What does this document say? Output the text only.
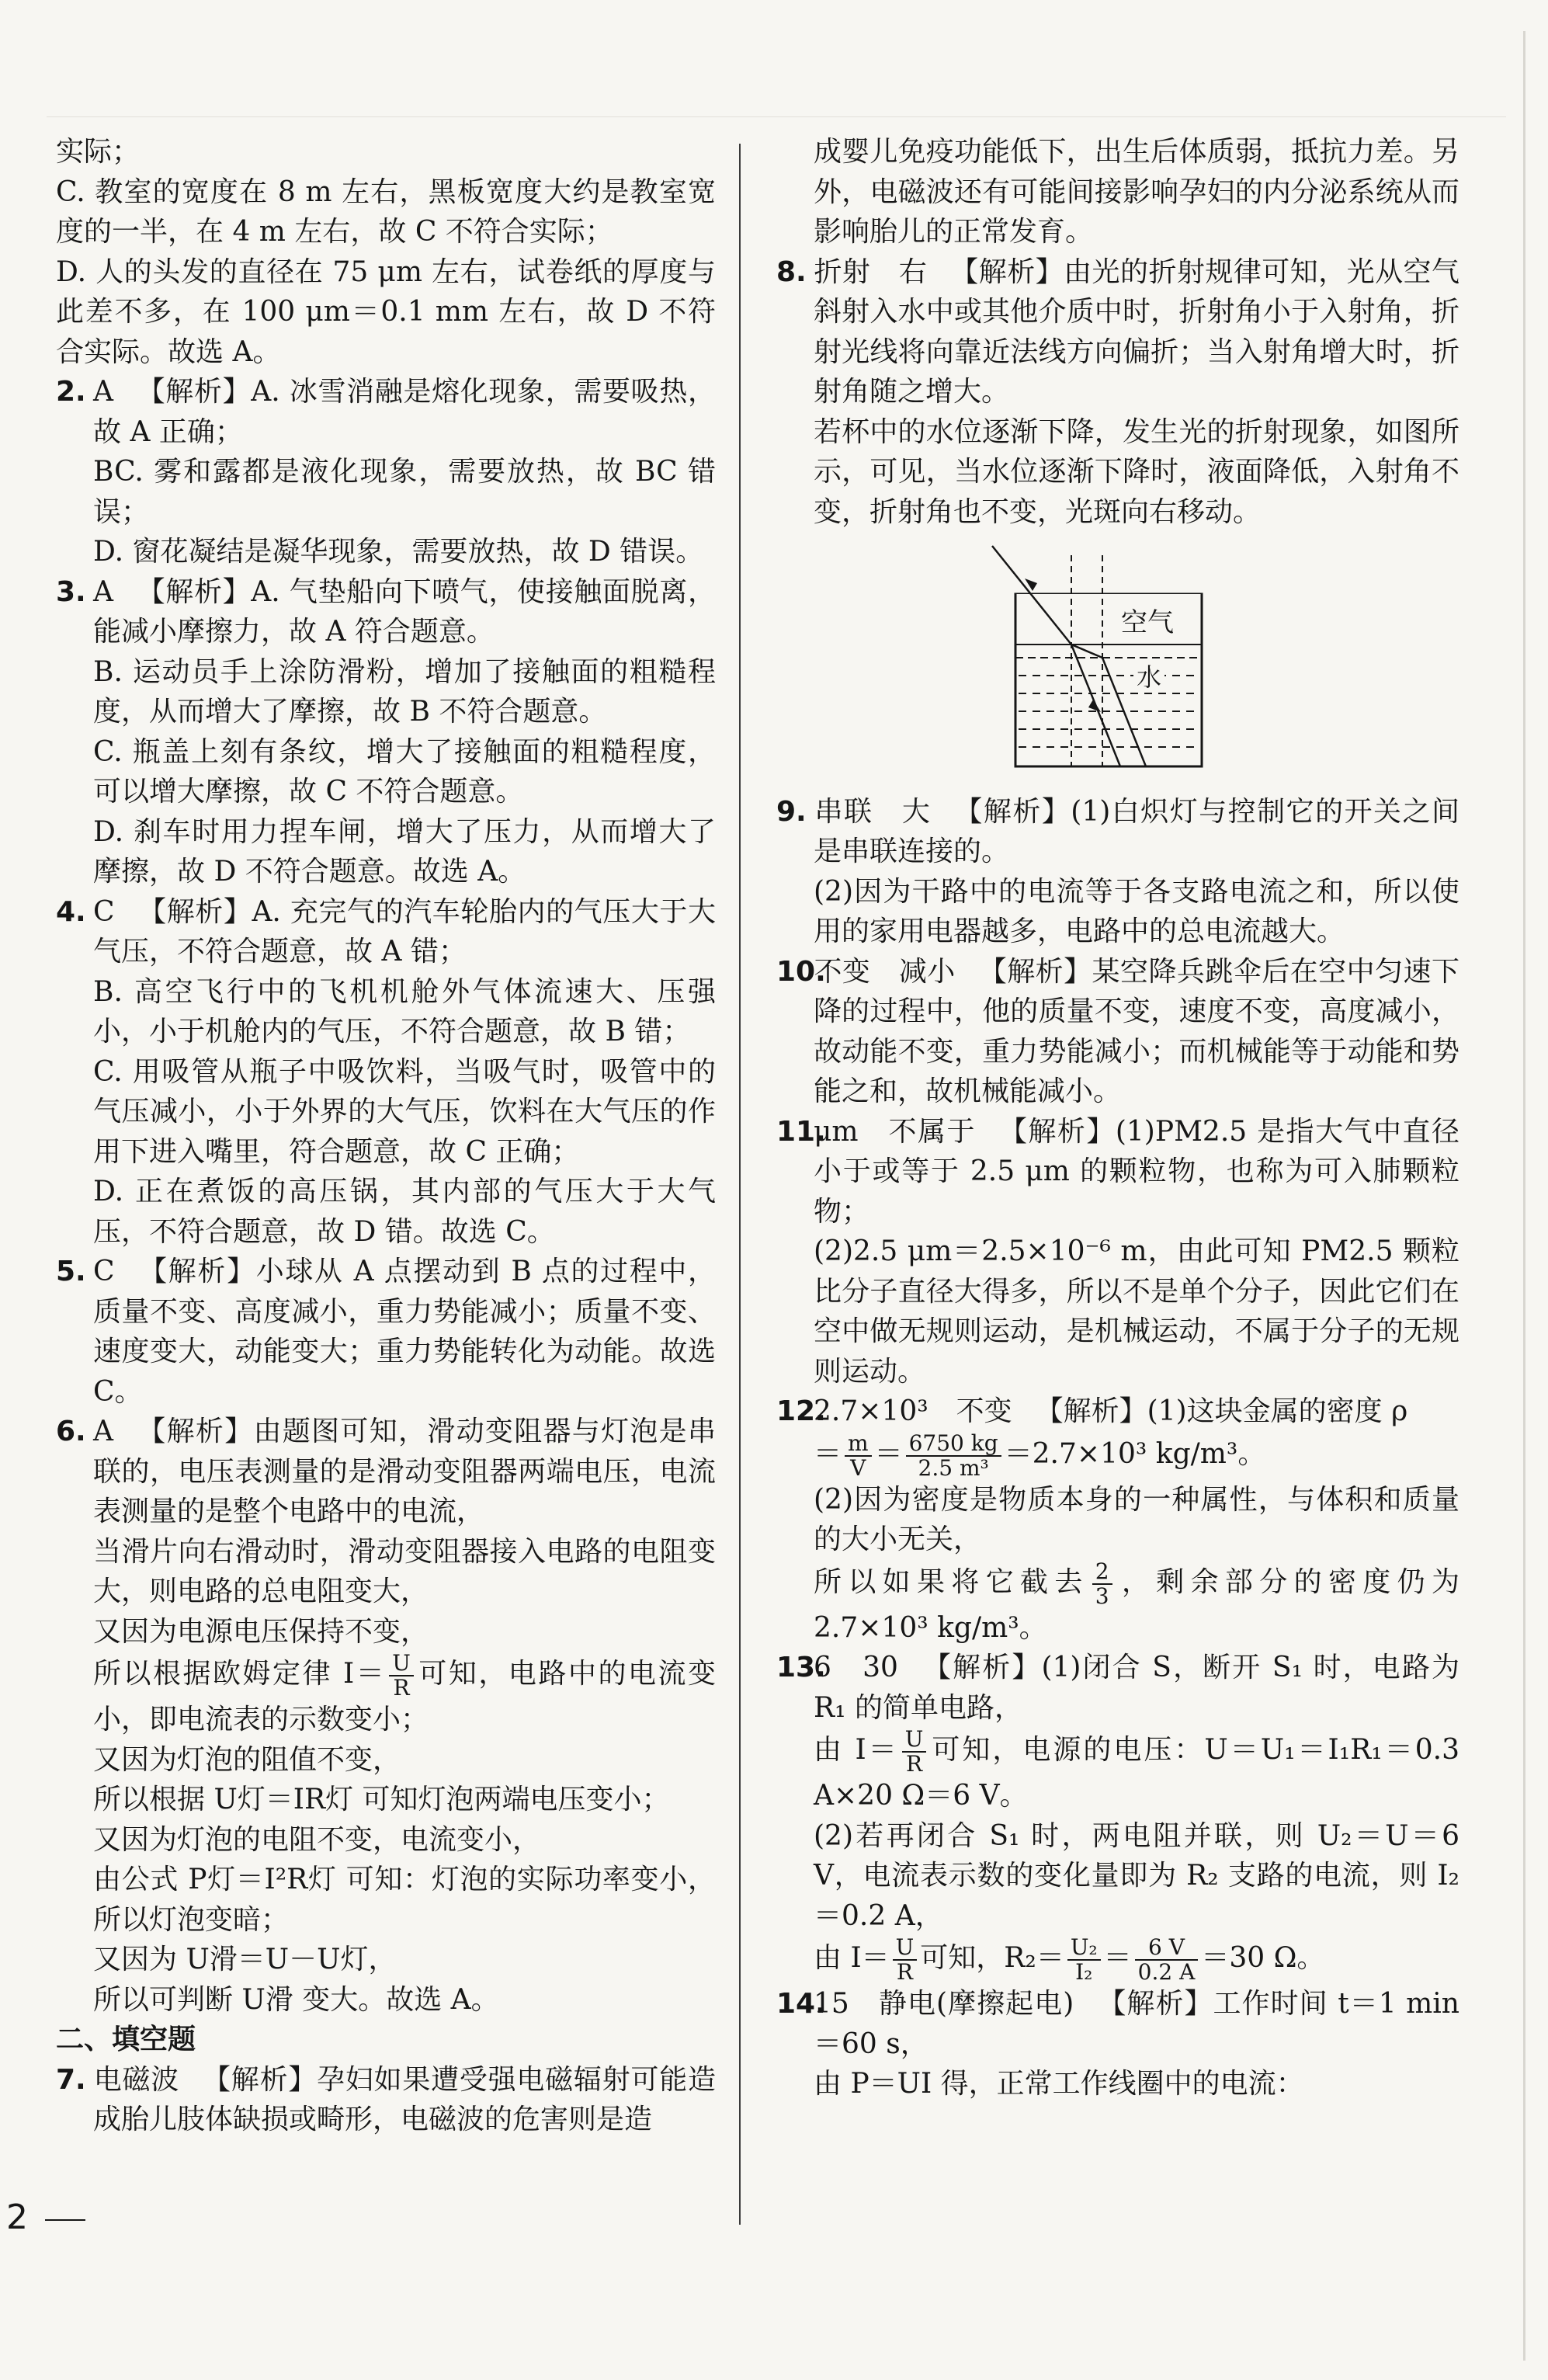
实际；

C. 教室的宽度在 8 m 左右，黑板宽度大约是教室宽度的一半，在 4 m 左右，故 C 不符合实际；

D. 人的头发的直径在 75 μm 左右，试卷纸的厚度与此差不多，在 100 μm＝0.1 mm 左右，故 D 不符合实际。故选 A。

2. A 【解析】A. 冰雪消融是熔化现象，需要吸热，故 A 正确；

BC. 雾和露都是液化现象，需要放热，故 BC 错误；

D. 窗花凝结是凝华现象，需要放热，故 D 错误。

3. A 【解析】A. 气垫船向下喷气，使接触面脱离，能减小摩擦力，故 A 符合题意。

B. 运动员手上涂防滑粉，增加了接触面的粗糙程度，从而增大了摩擦，故 B 不符合题意。

C. 瓶盖上刻有条纹，增大了接触面的粗糙程度，可以增大摩擦，故 C 不符合题意。

D. 刹车时用力捏车闸，增大了压力，从而增大了摩擦，故 D 不符合题意。故选 A。

4. C 【解析】A. 充完气的汽车轮胎内的气压大于大气压，不符合题意，故 A 错；

B. 高空飞行中的飞机机舱外气体流速大、压强小，小于机舱内的气压，不符合题意，故 B 错；

C. 用吸管从瓶子中吸饮料，当吸气时，吸管中的气压减小，小于外界的大气压，饮料在大气压的作用下进入嘴里，符合题意，故 C 正确；

D. 正在煮饭的高压锅，其内部的气压大于大气压，不符合题意，故 D 错。故选 C。

5. C 【解析】小球从 A 点摆动到 B 点的过程中，质量不变、高度减小，重力势能减小；质量不变、速度变大，动能变大；重力势能转化为动能。故选 C。

6. A 【解析】由题图可知，滑动变阻器与灯泡是串联的，电压表测量的是滑动变阻器两端电压，电流表测量的是整个电路中的电流，

当滑片向右滑动时，滑动变阻器接入电路的电阻变大，则电路的总电阻变大，

又因为电源电压保持不变，

所以根据欧姆定律 $I= \frac{U}{R}$ 可知，电路中的电流变小，即电流表的示数变小；

又因为灯泡的阻值不变，

所以根据 U灯＝IR灯 可知灯泡两端电压变小；

又因为灯泡的电阻不变，电流变小，

由公式 P灯＝I²R灯 可知：灯泡的实际功率变小，所以灯泡变暗；

又因为 U滑＝U－U灯，

所以可判断 U滑 变大。故选 A。

二、填空题

7. 电磁波 【解析】孕妇如果遭受强电磁辐射可能造成胎儿肢体缺损或畸形，电磁波的危害则是造

成婴儿免疫功能低下，出生后体质弱，抵抗力差。另外，电磁波还有可能间接影响孕妇的内分泌系统从而影响胎儿的正常发育。

8. 折射　右 【解析】由光的折射规律可知，光从空气斜射入水中或其他介质中时，折射角小于入射角，折射光线将向靠近法线方向偏折；当入射角增大时，折射角随之增大。

若杯中的水位逐渐下降，发生光的折射现象，如图所示，可见，当水位逐渐下降时，液面降低，入射角不变，折射角也不变，光斑向右移动。

空气
水

9. 串联　大 【解析】(1)白炽灯与控制它的开关之间是串联连接的。

(2)因为干路中的电流等于各支路电流之和，所以使用的家用电器越多，电路中的总电流越大。

10.不变　减小 【解析】某空降兵跳伞后在空中匀速下降的过程中，他的质量不变，速度不变，高度减小，故动能不变，重力势能减小；而机械能等于动能和势能之和，故机械能减小。

11.μm　不属于 【解析】(1)PM2.5 是指大气中直径小于或等于 2.5 μm 的颗粒物，也称为可入肺颗粒物；

(2)2.5 μm＝2.5×10⁻⁶ m，由此可知 PM2.5 颗粒比分子直径大得多，所以不是单个分子，因此它们在空中做无规则运动，是机械运动，不属于分子的无规则运动。

12.2.7×10³　不变 【解析】(1)这块金属的密度 ρ

＝ $\frac{m}{V} = \frac{6750 kg}{\text{2.5 m³}} =2.7\times 10^3$ kg/m³。

(2)因为密度是物质本身的一种属性，与体积和质量的大小无关，

所以如果将它截去 $\frac{2}{3}$ ，剩余部分的密度仍为 2.7×10³ kg/m³。

13.6　30 【解析】(1)闭合 S，断开 S₁ 时，电路为 R₁ 的简单电路，

由 $I= \frac{U}{R}$ 可知，电源的电压：U＝U₁＝I₁R₁＝0.3 A×20 Ω＝6 V。

(2)若再闭合 S₁ 时，两电阻并联，则 U₂＝U＝6 V，电流表示数的变化量即为 R₂ 支路的电流，则 I₂＝0.2 A，

由 $I= \frac{U}{R}$ 可知，$R_2= \frac{\text{U₂}}{\text{I₂}} = \frac{6 V}{0.2 A} =30$ Ω。

14.15　静电(摩擦起电) 【解析】工作时间 t＝1 min＝60 s，

由 P＝UI 得，正常工作线圈中的电流：

2
